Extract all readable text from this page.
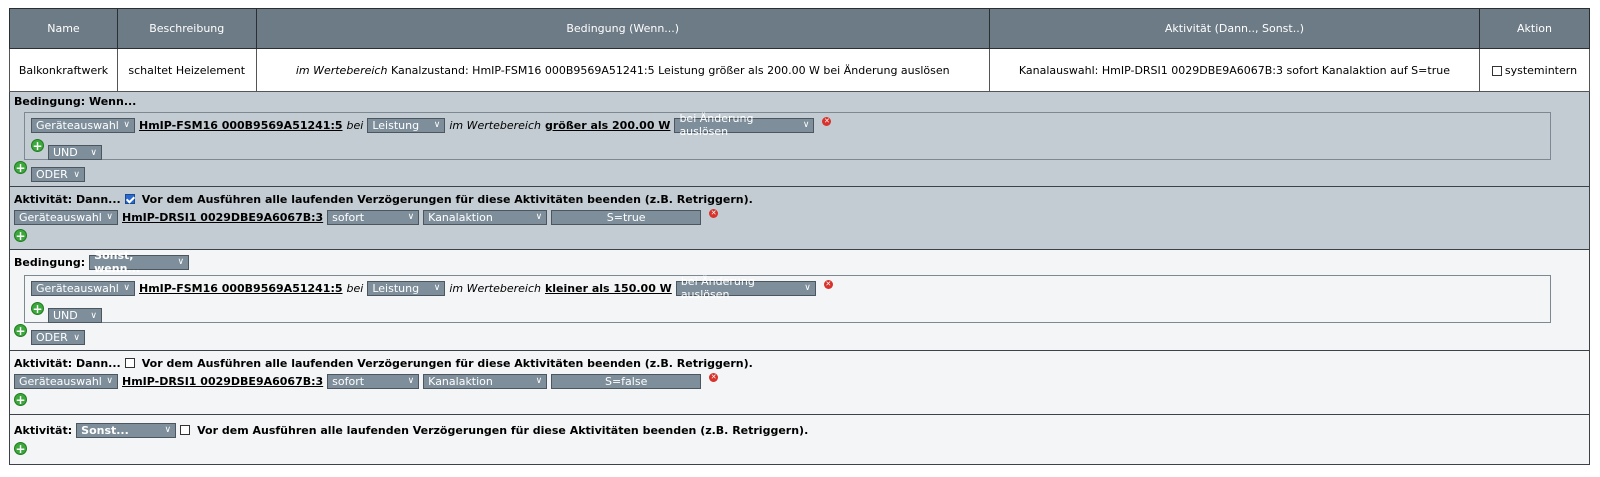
Name	Beschreibung	Bedingung (Wenn...)	Aktivität (Dann.., Sonst..)	Aktion
Balkonkraftwerk	schaltet Heizelement	im Wertebereich Kanalzustand: HmIP-FSM16 000B9569A51241:5 Leistung größer als 200.00 W bei Änderung auslösen	Kanalauswahl: HmIP-DRSI1 0029DBE9A6067B:3 sofort Kanalaktion auf S=true	systemintern
Bedingung: Wenn...
Geräteauswahl ∨ HmIP-FSM16 000B9569A51241:5 bei Leistung ∨ im Wertebereich größer als 200.00 W bei Änderung auslösen	∨ ✕
+ UND ∨
+ ODER ∨
Aktivität: Dann... Vor dem Ausführen alle laufenden Verzögerungen für diese Aktivitäten beenden (z.B. Retriggern).
Geräteauswahl ∨ HmIP-DRSI1 0029DBE9A6067B:3 sofort	∨ Kanalaktion	∨	S=true	✕
+
Bedingung: Sonst, wenn...	∨
Geräteauswahl ∨ HmIP-FSM16 000B9569A51241:5 bei Leistung ∨ im Wertebereich kleiner als 150.00 W bei Änderung auslösen	∨ ✕
+ UND ∨
+ ODER ∨
Aktivität: Dann... Vor dem Ausführen alle laufenden Verzögerungen für diese Aktivitäten beenden (z.B. Retriggern).
Geräteauswahl ∨ HmIP-DRSI1 0029DBE9A6067B:3 sofort	∨ Kanalaktion	∨	S=false	✕
+
Aktivität: Sonst...	∨ Vor dem Ausführen alle laufenden Verzögerungen für diese Aktivitäten beenden (z.B. Retriggern).
+
